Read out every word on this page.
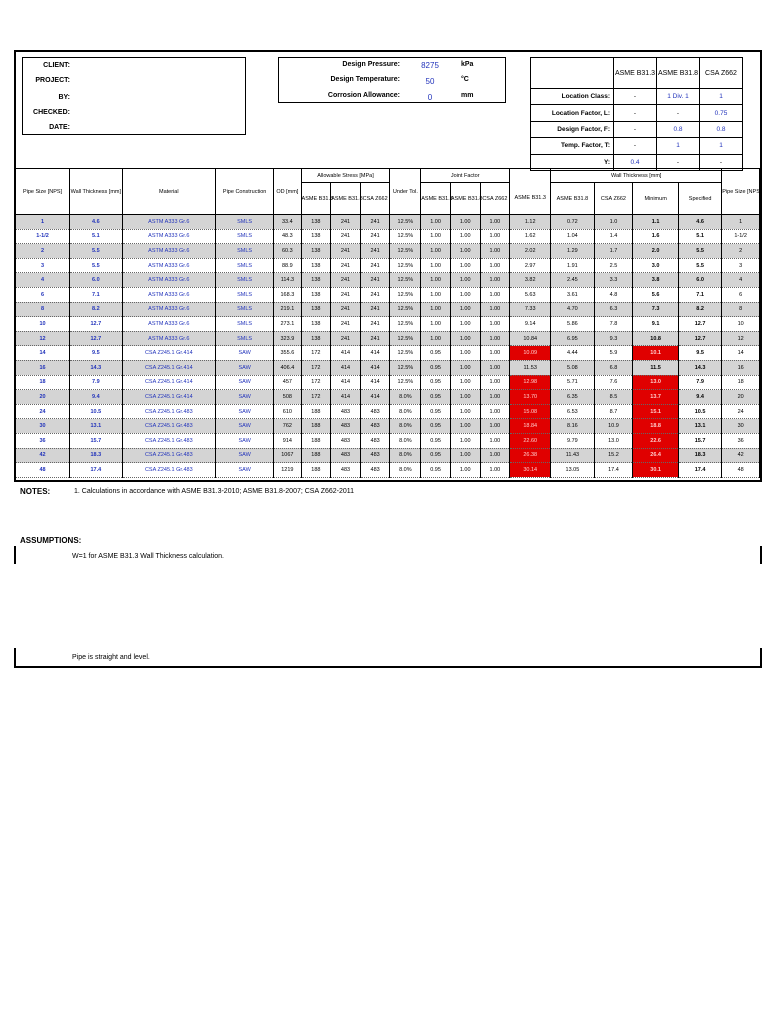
CLIENT:
PROJECT:
BY:
CHECKED:
DATE:
Design Pressure:	8275	kPa
Design Temperature:	50	°C
Corrosion Allowance:	0	mm
	ASME B31.3	ASME B31.8	CSA Z662
Location Class:	-	1 Div. 1	1
Location Factor, L:	-	-	0.75
Design Factor, F:	-	0.8	0.8
Temp. Factor, T:	-	1	1
Y:	0.4	-	-
Pipe Size [NPS]	Wall Thickness [mm]	Material	Pipe Construction	OD [mm]	Allowable Stress [MPa]			Under Tol.	Joint Factor				Wall Thickness [mm]				Pipe Size [NPS]
					ASME B31.3	ASME B31.8	CSA Z662		ASME B31.3	ASME B31.8	CSA Z662	ASME B31.3	ASME B31.8	CSA Z662	Minimum	Specified	
1	4.6	ASTM A333 Gr.6	SMLS	33.4	138	241	241	12.5%	1.00	1.00	1.00	1.12	0.72	1.0	1.1	4.6	1
1-1/2	5.1	ASTM A333 Gr.6	SMLS	48.3	138	241	241	12.5%	1.00	1.00	1.00	1.62	1.04	1.4	1.6	5.1	1-1/2
2	5.5	ASTM A333 Gr.6	SMLS	60.3	138	241	241	12.5%	1.00	1.00	1.00	2.02	1.29	1.7	2.0	5.5	2
3	5.5	ASTM A333 Gr.6	SMLS	88.9	138	241	241	12.5%	1.00	1.00	1.00	2.97	1.91	2.5	3.0	5.5	3
4	6.0	ASTM A333 Gr.6	SMLS	114.3	138	241	241	12.5%	1.00	1.00	1.00	3.82	2.45	3.3	3.8	6.0	4
6	7.1	ASTM A333 Gr.6	SMLS	168.3	138	241	241	12.5%	1.00	1.00	1.00	5.63	3.61	4.8	5.6	7.1	6
8	8.2	ASTM A333 Gr.6	SMLS	219.1	138	241	241	12.5%	1.00	1.00	1.00	7.33	4.70	6.3	7.3	8.2	8
10	12.7	ASTM A333 Gr.6	SMLS	273.1	138	241	241	12.5%	1.00	1.00	1.00	9.14	5.86	7.8	9.1	12.7	10
12	12.7	ASTM A333 Gr.6	SMLS	323.9	138	241	241	12.5%	1.00	1.00	1.00	10.84	6.95	9.3	10.8	12.7	12
14	9.5	CSA Z245.1 Gr.414	SAW	355.6	172	414	414	12.5%	0.95	1.00	1.00	10.09	4.44	5.9	10.1	9.5	14
16	14.3	CSA Z245.1 Gr.414	SAW	406.4	172	414	414	12.5%	0.95	1.00	1.00	11.53	5.08	6.8	11.5	14.3	16
18	7.9	CSA Z245.1 Gr.414	SAW	457	172	414	414	12.5%	0.95	1.00	1.00	12.98	5.71	7.6	13.0	7.9	18
20	9.4	CSA Z245.1 Gr.414	SAW	508	172	414	414	8.0%	0.95	1.00	1.00	13.70	6.35	8.5	13.7	9.4	20
24	10.5	CSA Z245.1 Gr.483	SAW	610	188	483	483	8.0%	0.95	1.00	1.00	15.08	6.53	8.7	15.1	10.5	24
30	13.1	CSA Z245.1 Gr.483	SAW	762	188	483	483	8.0%	0.95	1.00	1.00	18.84	8.16	10.9	18.8	13.1	30
36	15.7	CSA Z245.1 Gr.483	SAW	914	188	483	483	8.0%	0.95	1.00	1.00	22.60	9.79	13.0	22.6	15.7	36
42	18.3	CSA Z245.1 Gr.483	SAW	1067	188	483	483	8.0%	0.95	1.00	1.00	26.38	11.43	15.2	26.4	18.3	42
48	17.4	CSA Z245.1 Gr.483	SAW	1219	188	483	483	8.0%	0.95	1.00	1.00	30.14	13.05	17.4	30.1	17.4	48
NOTES:	1. Calculations in accordance with ASME B31.3-2010; ASME B31.8-2007; CSA Z662-2011
ASSUMPTIONS:
W=1 for ASME B31.3 Wall Thickness calculation.
Pipe is straight and level.
